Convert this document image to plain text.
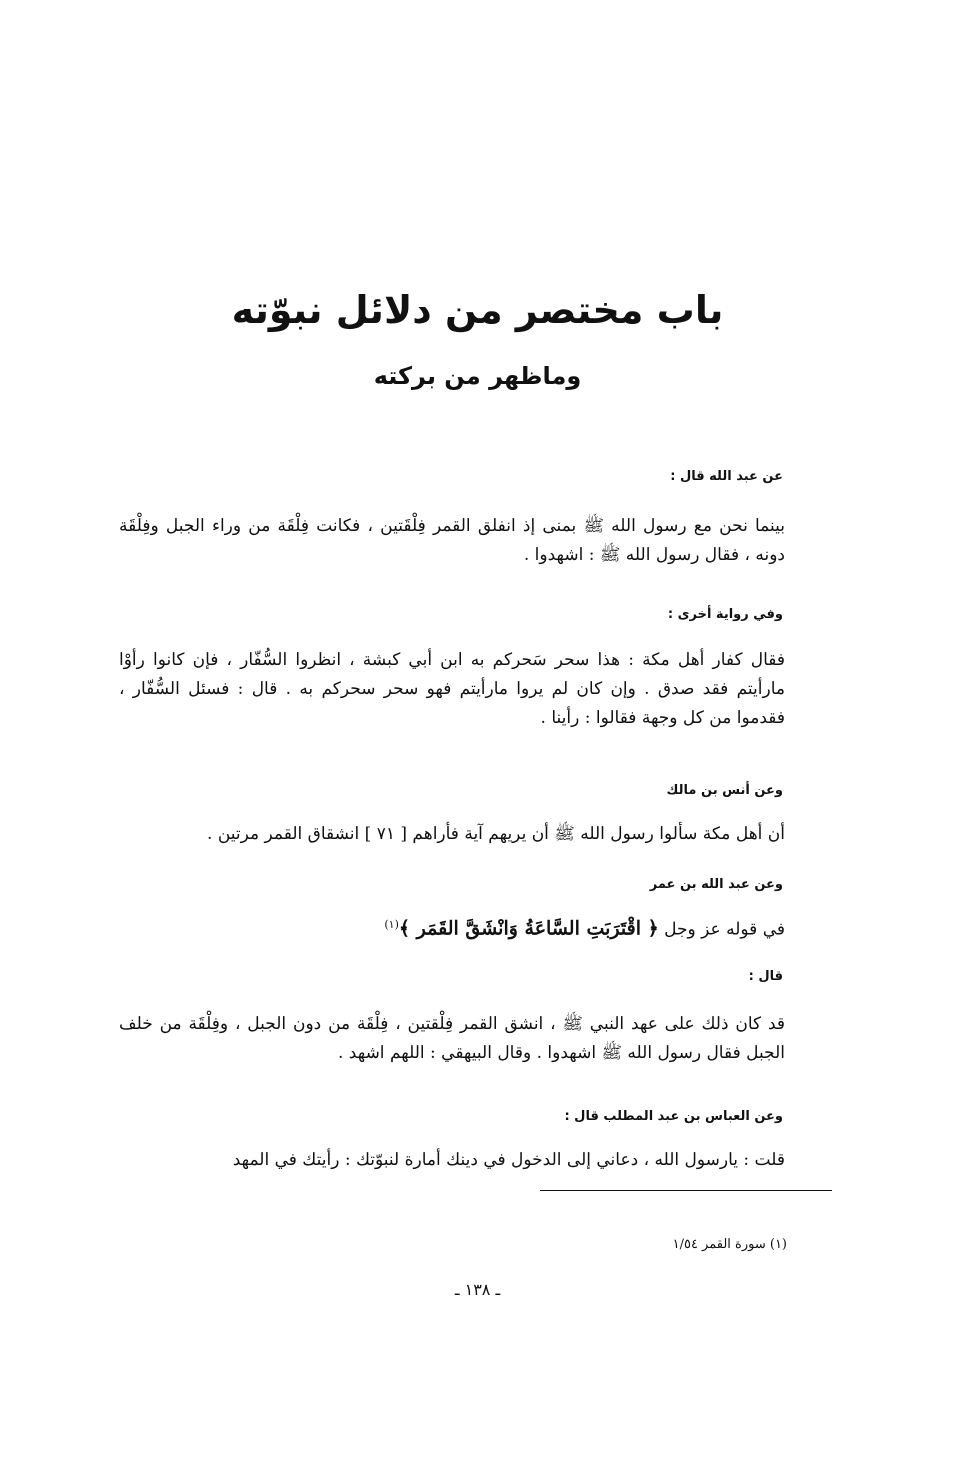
باب مختصر من دلائل نبوّته
وماظهر من بركته
عن عبد الله قال :
بينما نحن مع رسول الله ﷺ بمنى إذ انفلق القمر فِلْقَتين ، فكانت فِلْقَة من وراء الجبل وفِلْقَة دونه ، فقال رسول الله ﷺ : اشهدوا .
وفي رواية أخرى :
فقال كفار أهل مكة : هذا سحر سَحركم به ابن أبي كبشة ، انظروا السُّفّار ، فإن كانوا رأوْا مارأيتم فقد صدق . وإن كان لم يروا مارأيتم فهو سحر سحركم به . قال : فسئل السُّفّار ، فقدموا من كل وجهة فقالوا : رأينا .
وعن أنس بن مالك
أن أهل مكة سألوا رسول الله ﷺ أن يريهم آية فأراهم [ ٧١ ] انشقاق القمر مرتين .
وعن عبد الله بن عمر
في قوله عز وجل ﴿ اقْتَرَبَتِ السَّاعَةُ وَانْشَقَّ القَمَر ﴾$^{(١)}$
قال :
قد كان ذلك على عهد النبي ﷺ ، انشق القمر فِلْقتين ، فِلْقَة من دون الجبل ، وفِلْقَة من خلف الجبل فقال رسول الله ﷺ اشهدوا . وقال البيهقي : اللهم اشهد .
وعن العباس بن عبد المطلب قال :
قلت : يارسول الله ، دعاني إلى الدخول في دينك أمارة لنبوّتك : رأيتك في المهد
(١) سورة القمر ١/٥٤
ـ ١٣٨ ـ
